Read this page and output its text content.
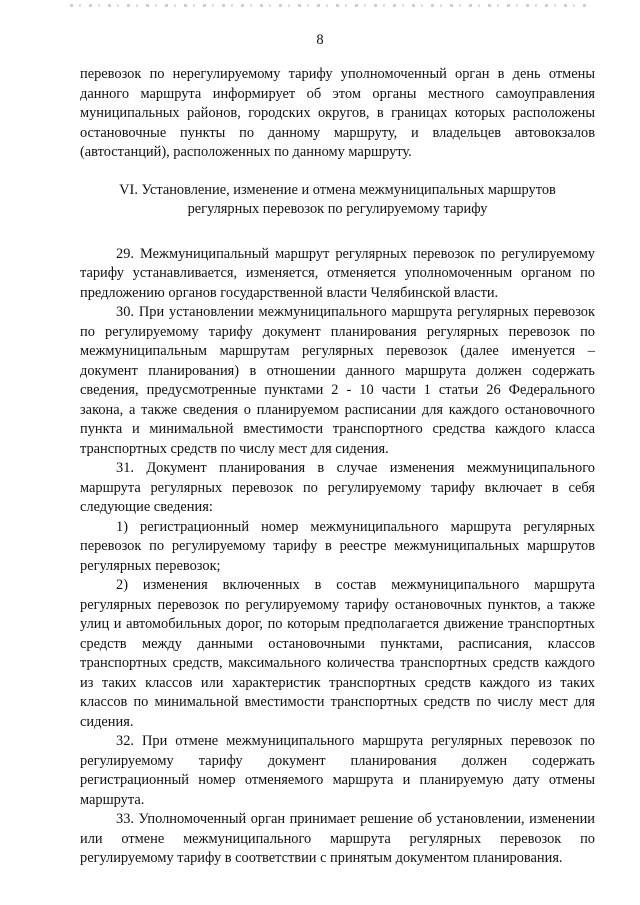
8

перевозок по нерегулируемому тарифу уполномоченный орган в день отмены данного маршрута информирует об этом органы местного самоуправления муниципальных районов, городских округов, в границах которых расположены остановочные пункты по данному маршруту, и владельцев автовокзалов (автостанций), расположенных по данному маршруту.

VI. Установление, изменение и отмена межмуниципальных маршрутов регулярных перевозок по регулируемому тарифу

29. Межмуниципальный маршрут регулярных перевозок по регулируемому тарифу устанавливается, изменяется, отменяется уполномоченным органом по предложению органов государственной власти Челябинской власти.

30. При установлении межмуниципального маршрута регулярных перевозок по регулируемому тарифу документ планирования регулярных перевозок по межмуниципальным маршрутам регулярных перевозок (далее именуется – документ планирования) в отношении данного маршрута должен содержать сведения, предусмотренные пунктами 2 - 10 части 1 статьи 26 Федерального закона, а также сведения о планируемом расписании для каждого остановочного пункта и минимальной вместимости транспортного средства каждого класса транспортных средств по числу мест для сидения.

31. Документ планирования в случае изменения межмуниципального маршрута регулярных перевозок по регулируемому тарифу включает в себя следующие сведения:

1) регистрационный номер межмуниципального маршрута регулярных перевозок по регулируемому тарифу в реестре межмуниципальных маршрутов регулярных перевозок;

2) изменения включенных в состав межмуниципального маршрута регулярных перевозок по регулируемому тарифу остановочных пунктов, а также улиц и автомобильных дорог, по которым предполагается движение транспортных средств между данными остановочными пунктами, расписания, классов транспортных средств, максимального количества транспортных средств каждого из таких классов или характеристик транспортных средств каждого из таких классов по минимальной вместимости транспортных средств по числу мест для сидения.

32. При отмене межмуниципального маршрута регулярных перевозок по регулируемому тарифу документ планирования должен содержать регистрационный номер отменяемого маршрута и планируемую дату отмены маршрута.

33. Уполномоченный орган принимает решение об установлении, изменении или отмене межмуниципального маршрута регулярных перевозок по регулируемому тарифу в соответствии с принятым документом планирования.
